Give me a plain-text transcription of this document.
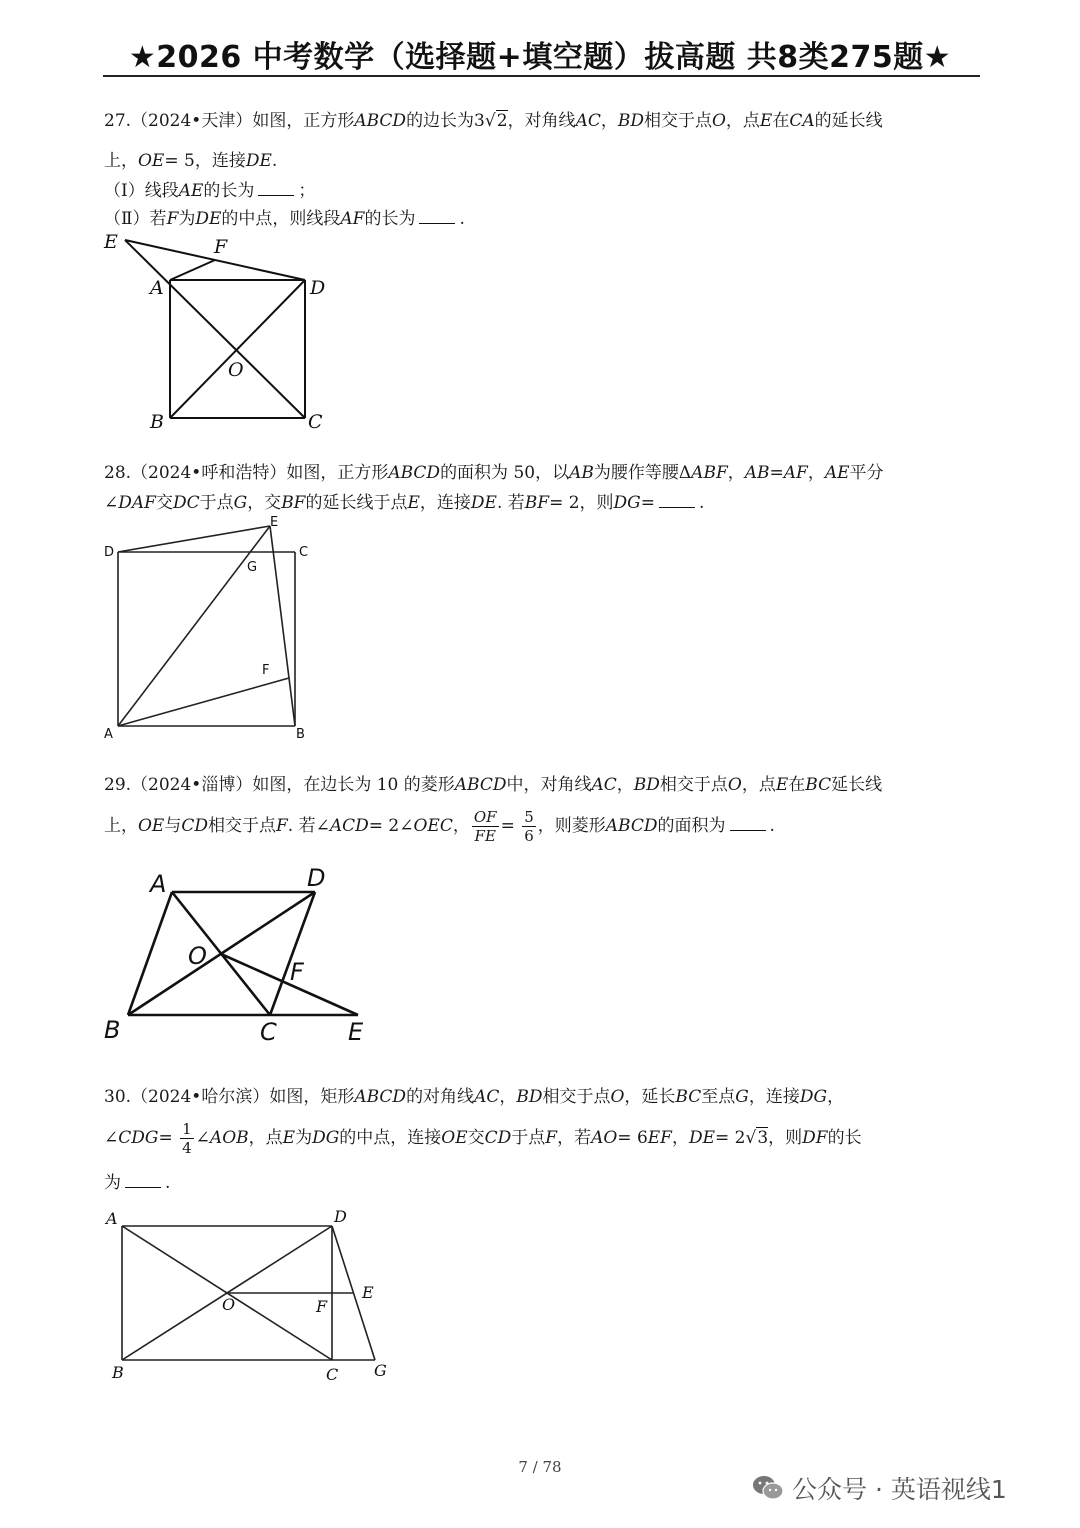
★2026 中考数学（选择题+填空题）拔高题 共8类275题★
27.（2024•天津）如图，正方形ABCD的边长为3√2，对角线AC，BD相交于点O，点E在CA的延长线
上，OE= 5，连接DE.
（Ⅰ）线段AE的长为	；
（Ⅱ）若F为DE的中点，则线段AF的长为	.
E	F
A	D
O
B	C
28.（2024•呼和浩特）如图，正方形ABCD的面积为 50，以AB为腰作等腰ΔABF，AB=AF，AE平分
∠DAF交DC于点G，交BF的延长线于点E，连接DE. 若BF= 2，则DG=	.
D
E
C
G
F
A	B
29.（2024•淄博）如图，在边长为 10 的菱形ABCD中，对角线AC，BD相交于点O，点E在BC延长线
上，OE与CD相交于点F. 若∠ACD= 2∠OEC， $\frac{OF}{FE} = \frac{5}{6}$ ，则菱形ABCD的面积为	.
A	D
O
F
B	C	E
30.（2024•哈尔滨）如图，矩形ABCD的对角线AC，BD相交于点O，延长BC至点G，连接DG，
∠CDG= $\frac{1}{4}$ ∠AOB，点E为DG的中点，连接OE交CD于点F，若AO= 6EF，DE= 2√3，则DF的长
为	.
A	D
O
E
F
B	C G
7 / 78
公众号 · 英语视线1
